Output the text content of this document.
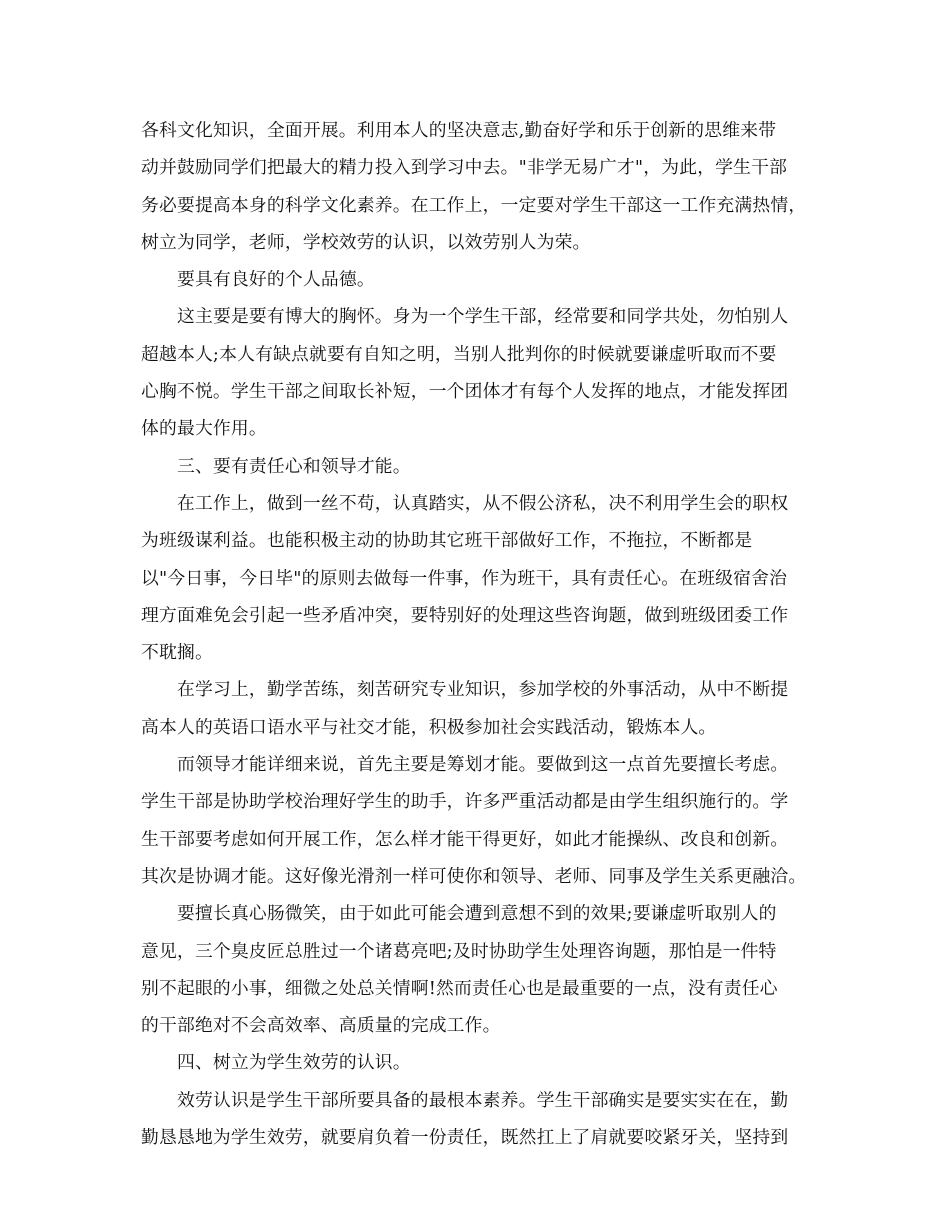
各科文化知识，全面开展。利用本人的坚决意志,勤奋好学和乐于创新的思维来带
动并鼓励同学们把最大的精力投入到学习中去。"非学无易广才"，为此，学生干部
务必要提高本身的科学文化素养。在工作上，一定要对学生干部这一工作充满热情，
树立为同学，老师，学校效劳的认识，以效劳别人为荣。
要具有良好的个人品德。
这主要是要有博大的胸怀。身为一个学生干部，经常要和同学共处，勿怕别人
超越本人;本人有缺点就要有自知之明，当别人批判你的时候就要谦虚听取而不要
心胸不悦。学生干部之间取长补短，一个团体才有每个人发挥的地点，才能发挥团
体的最大作用。
三、要有责任心和领导才能。
在工作上，做到一丝不苟，认真踏实，从不假公济私，决不利用学生会的职权
为班级谋利益。也能积极主动的协助其它班干部做好工作，不拖拉，不断都是
以"今日事，今日毕"的原则去做每一件事，作为班干，具有责任心。在班级宿舍治
理方面难免会引起一些矛盾冲突，要特别好的处理这些咨询题，做到班级团委工作
不耽搁。
在学习上，勤学苦练，刻苦研究专业知识，参加学校的外事活动，从中不断提
高本人的英语口语水平与社交才能，积极参加社会实践活动，锻炼本人。
而领导才能详细来说，首先主要是筹划才能。要做到这一点首先要擅长考虑。
学生干部是协助学校治理好学生的助手，许多严重活动都是由学生组织施行的。学
生干部要考虑如何开展工作，怎么样才能干得更好，如此才能操纵、改良和创新。
其次是协调才能。这好像光滑剂一样可使你和领导、老师、同事及学生关系更融洽。
要擅长真心肠微笑，由于如此可能会遭到意想不到的效果;要谦虚听取别人的
意见，三个臭皮匠总胜过一个诸葛亮吧;及时协助学生处理咨询题，那怕是一件特
别不起眼的小事，细微之处总关情啊!然而责任心也是最重要的一点，没有责任心
的干部绝对不会高效率、高质量的完成工作。
四、树立为学生效劳的认识。
效劳认识是学生干部所要具备的最根本素养。学生干部确实是要实实在在，勤
勤恳恳地为学生效劳，就要肩负着一份责任，既然扛上了肩就要咬紧牙关，坚持到
